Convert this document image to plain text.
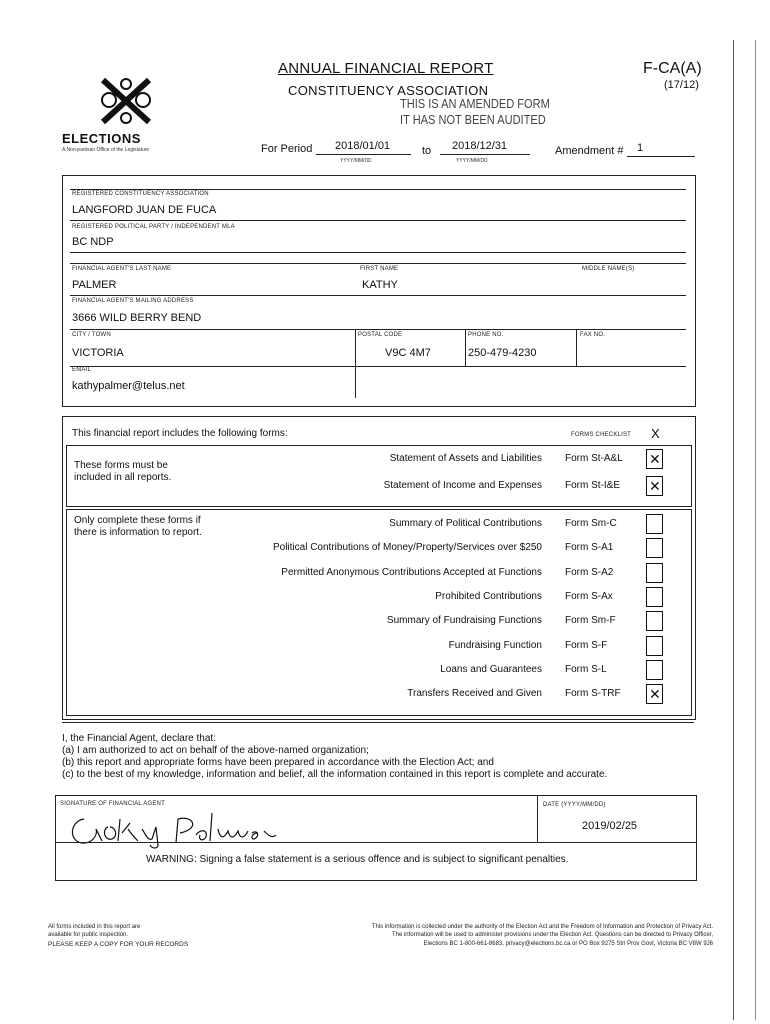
ELECTIONS
A Non-partisan Office of the Legislature
ANNUAL FINANCIAL REPORT
CONSTITUENCY ASSOCIATION
THIS IS AN AMENDED FORM
IT HAS NOT BEEN AUDITED
F-CA(A)
(17/12)
For Period 2018/01/01
YYYY/MM/DD
to 2018/12/31
YYYY/MM/DD
Amendment # 1
REGISTERED CONSTITUENCY ASSOCIATION
LANGFORD JUAN DE FUCA
REGISTERED POLITICAL PARTY / INDEPENDENT MLA
BC NDP
FINANCIAL AGENT'S LAST NAME	FIRST NAME	MIDDLE NAME(S)
PALMER	KATHY
FINANCIAL AGENT'S MAILING ADDRESS
3666 WILD BERRY BEND
CITY / TOWN	POSTAL CODE	PHONE NO.	FAX NO.
VICTORIA	V9C 4M7	250-479-4230
EMAIL
kathypalmer@telus.net
This financial report includes the following forms:	FORMS CHECKLIST X
These forms must be
included in all reports.
Statement of Assets and Liabilities Form St-A&L
✕
Statement of Income and Expenses Form St-I&E
✕
Only complete these forms if
there is information to report.
Summary of Political Contributions Form Sm-C
Political Contributions of Money/Property/Services over $250 Form S-A1
Permitted Anonymous Contributions Accepted at Functions Form S-A2
Prohibited Contributions Form S-Ax
Summary of Fundraising Functions Form Sm-F
Fundraising Function Form S-F
Loans and Guarantees Form S-L
Transfers Received and Given Form S-TRF
✕
I, the Financial Agent, declare that:
(a) I am authorized to act on behalf of the above-named organization;
(b) this report and appropriate forms have been prepared in accordance with the Election Act; and
(c) to the best of my knowledge, information and belief, all the information contained in this report is complete and accurate.
SIGNATURE OF FINANCIAL AGENT	DATE (YYYY/MM/DD)
2019/02/25
WARNING: Signing a false statement is a serious offence and is subject to significant penalties.
All forms included in this report are
available for public inspection.
PLEASE KEEP A COPY FOR YOUR RECORDS
This information is collected under the authority of the Election Act and the Freedom of Information and Protection of Privacy Act.
The information will be used to administer provisions under the Election Act. Questions can be directed to Privacy Officer,
Elections BC 1-800-661-8683, privacy@elections.bc.ca or PO Box 9275 Stn Prov Govt, Victoria BC V8W 9J6
